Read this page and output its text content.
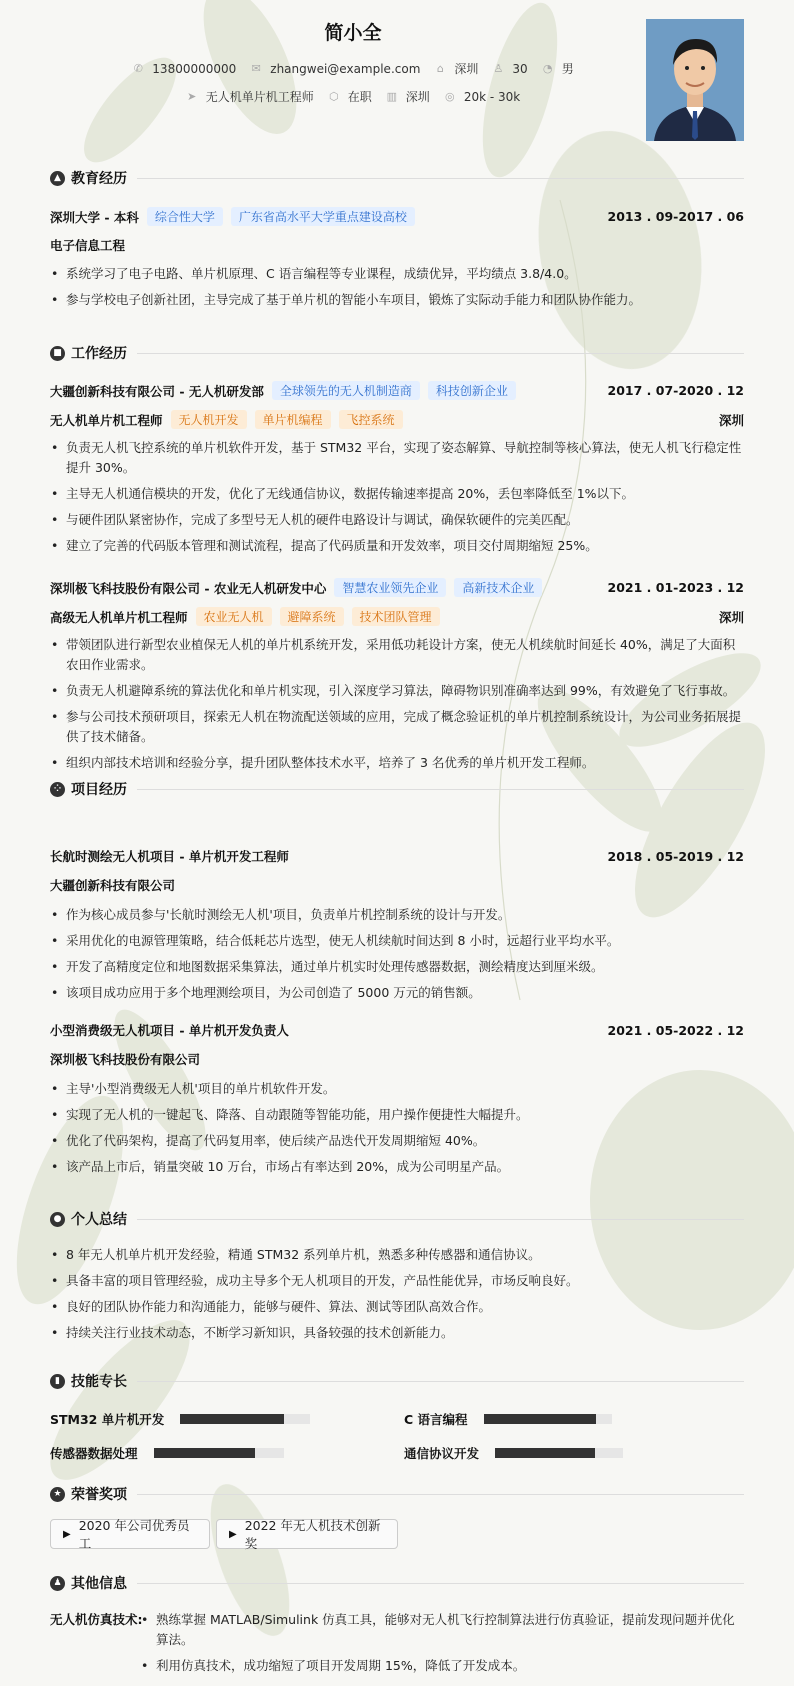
简小全
✆ 13800000000 ✉ zhangwei@example.com ⌂ 深圳 ♙ 30 ◔ 男
➤ 无人机单片机工程师 ⬡ 在职 ▥ 深圳 ◎ 20k - 30k
▲ 教育经历
深圳大学 - 本科	综合性大学	广东省高水平大学重点建设高校	2013 . 09-2017 . 06
电子信息工程
• 系统学习了电子电路、单片机原理、C 语言编程等专业课程，成绩优异，平均绩点 3.8/4.0。
• 参与学校电子创新社团，主导完成了基于单片机的智能小车项目，锻炼了实际动手能力和团队协作能力。
■ 工作经历
大疆创新科技有限公司 - 无人机研发部	全球领先的无人机制造商	科技创新企业	2017 . 07-2020 . 12
无人机单片机工程师	无人机开发	单片机编程	飞控系统	深圳
• 负责无人机飞控系统的单片机软件开发，基于 STM32 平台，实现了姿态解算、导航控制等核心算法，使无人机飞行稳定性提升 30%。
• 主导无人机通信模块的开发，优化了无线通信协议，数据传输速率提高 20%，丢包率降低至 1%以下。
• 与硬件团队紧密协作，完成了多型号无人机的硬件电路设计与调试，确保软硬件的完美匹配。
• 建立了完善的代码版本管理和测试流程，提高了代码质量和开发效率，项目交付周期缩短 25%。
深圳极飞科技股份有限公司 - 农业无人机研发中心	智慧农业领先企业	高新技术企业	2021 . 01-2023 . 12
高级无人机单片机工程师	农业无人机	避障系统	技术团队管理	深圳
• 带领团队进行新型农业植保无人机的单片机系统开发，采用低功耗设计方案，使无人机续航时间延长 40%，满足了大面积农田作业需求。
• 负责无人机避障系统的算法优化和单片机实现，引入深度学习算法，障碍物识别准确率达到 99%，有效避免了飞行事故。
• 参与公司技术预研项目，探索无人机在物流配送领域的应用，完成了概念验证机的单片机控制系统设计，为公司业务拓展提供了技术储备。
• 组织内部技术培训和经验分享，提升团队整体技术水平，培养了 3 名优秀的单片机开发工程师。
⁘ 项目经历
长航时测绘无人机项目 - 单片机开发工程师	2018 . 05-2019 . 12
大疆创新科技有限公司
• 作为核心成员参与'长航时测绘无人机'项目，负责单片机控制系统的设计与开发。
• 采用优化的电源管理策略，结合低耗芯片选型，使无人机续航时间达到 8 小时，远超行业平均水平。
• 开发了高精度定位和地图数据采集算法，通过单片机实时处理传感器数据，测绘精度达到厘米级。
• 该项目成功应用于多个地理测绘项目，为公司创造了 5000 万元的销售额。
小型消费级无人机项目 - 单片机开发负责人	2021 . 05-2022 . 12
深圳极飞科技股份有限公司
• 主导'小型消费级无人机'项目的单片机软件开发。
• 实现了无人机的一键起飞、降落、自动跟随等智能功能，用户操作便捷性大幅提升。
• 优化了代码架构，提高了代码复用率，使后续产品迭代开发周期缩短 40%。
• 该产品上市后，销量突破 10 万台，市场占有率达到 20%，成为公司明星产品。
● 个人总结
• 8 年无人机单片机开发经验，精通 STM32 系列单片机，熟悉多种传感器和通信协议。
• 具备丰富的项目管理经验，成功主导多个无人机项目的开发，产品性能优异，市场反响良好。
• 良好的团队协作能力和沟通能力，能够与硬件、算法、测试等团队高效合作。
• 持续关注行业技术动态，不断学习新知识，具备较强的技术创新能力。
▮ 技能专长
STM32 单片机开发	C 语言编程
传感器数据处理	通信协议开发
★ 荣誉奖项
▶
2020 年公司优秀员工
▶
2022 年无人机技术创新奖
♟ 其他信息
无人机仿真技术:
•	熟练掌握 MATLAB/Simulink 仿真工具，能够对无人机飞行控制算法进行仿真验证，提前发现问题并优化算法。
• 利用仿真技术，成功缩短了项目开发周期 15%，降低了开发成本。
